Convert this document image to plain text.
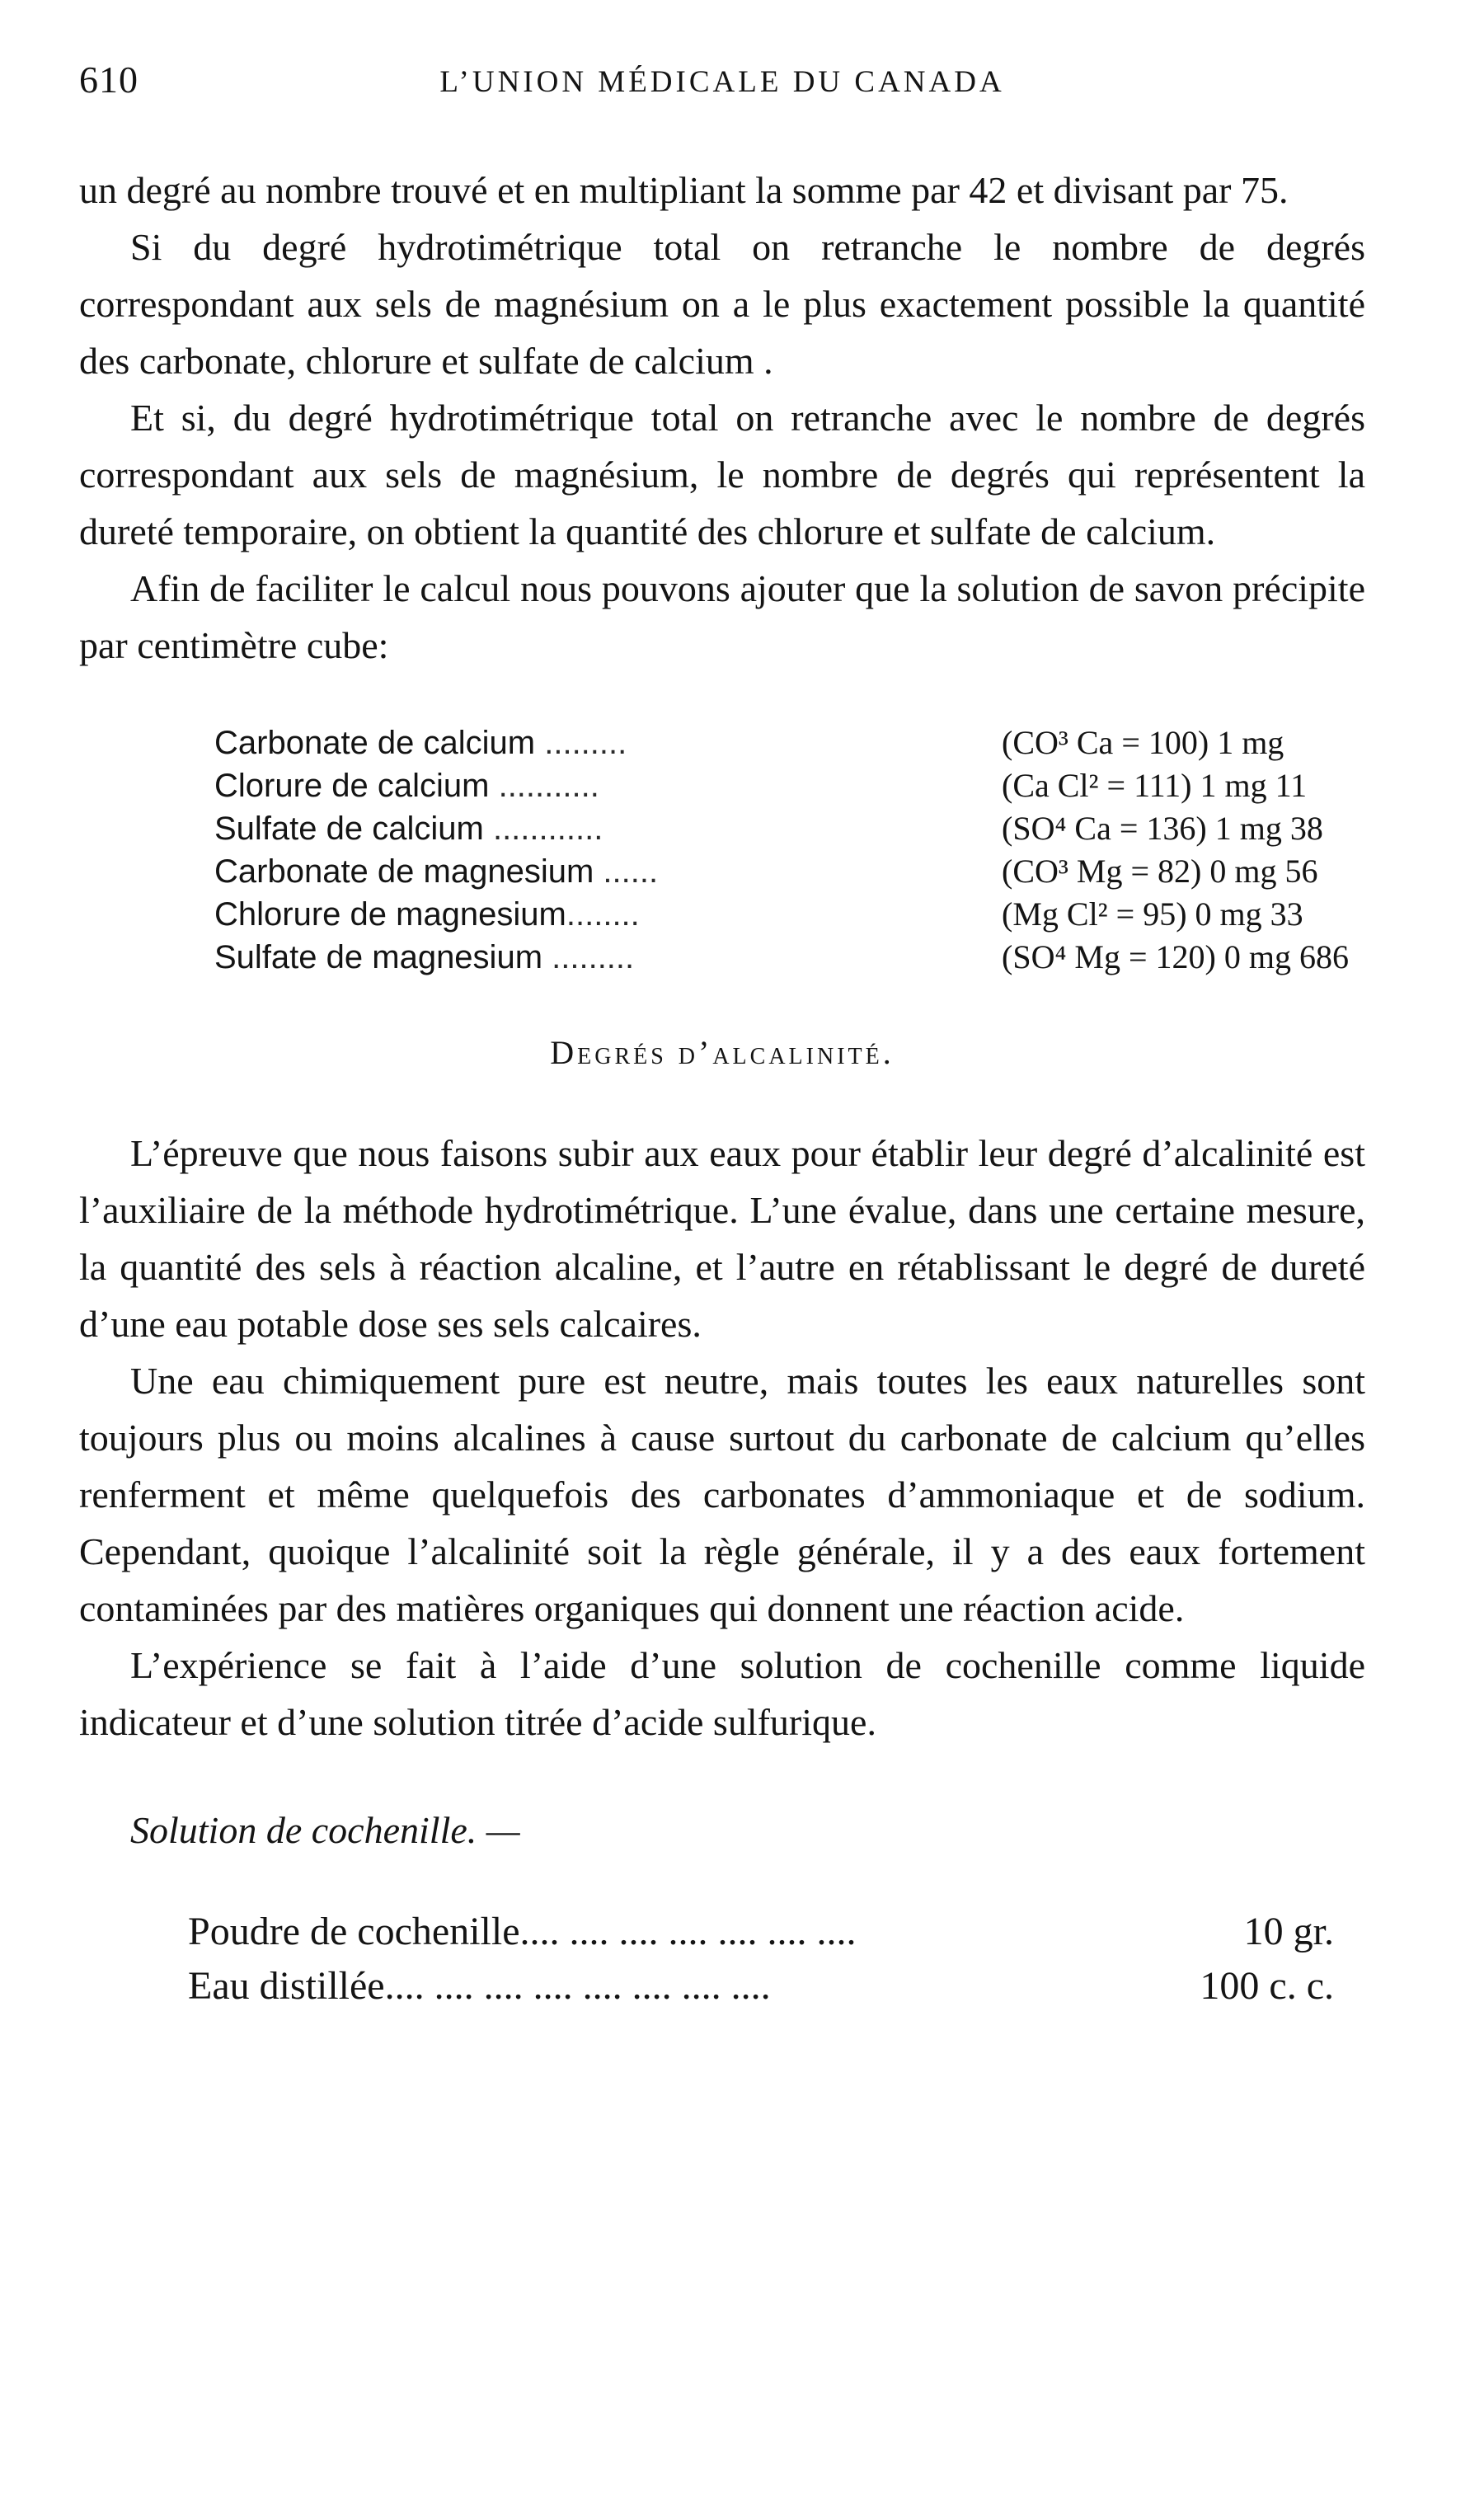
610	L’UNION MÉDICALE DU CANADA

un degré au nombre trouvé et en multipliant la somme par 42 et divisant par 75.

Si du degré hydrotimétrique total on retranche le nombre de degrés correspondant aux sels de magnésium on a le plus exactement possible la quantité des carbonate, chlorure et sulfate de calcium .

Et si, du degré hydrotimétrique total on retranche avec le nombre de degrés correspondant aux sels de magnésium, le nombre de degrés qui représentent la dureté temporaire, on obtient la quantité des chlorure et sulfate de calcium.

Afin de faciliter le calcul nous pouvons ajouter que la solution de savon précipite par centimètre cube:

Carbonate de calcium .........	(CO³ Ca = 100) 1 mg
Clorure de calcium ...........	(Ca Cl² = 111) 1 mg 11
Sulfate de calcium ............	(SO⁴ Ca = 136) 1 mg 38
Carbonate de magnesium ......	(CO³ Mg = 82) 0 mg 56
Chlorure de magnesium........	(Mg Cl² = 95) 0 mg 33
Sulfate de magnesium .........	(SO⁴ Mg = 120) 0 mg 686
Degrés d’alcalinité.

L’épreuve que nous faisons subir aux eaux pour établir leur degré d’alcalinité est l’auxiliaire de la méthode hydrotimétrique. L’une évalue, dans une certaine mesure, la quantité des sels à réaction alcaline, et l’autre en rétablissant le degré de dureté d’une eau potable dose ses sels calcaires.

Une eau chimiquement pure est neutre, mais toutes les eaux naturelles sont toujours plus ou moins alcalines à cause surtout du carbonate de calcium qu’elles renferment et même quelquefois des carbonates d’ammoniaque et de sodium. Cependant, quoique l’alcalinité soit la règle générale, il y a des eaux fortement contaminées par des matières organiques qui donnent une réaction acide.

L’expérience se fait à l’aide d’une solution de cochenille comme liquide indicateur et d’une solution titrée d’acide sulfurique.

Solution de cochenille. —
Poudre de cochenille.... .... .... .... .... .... ....	10 gr.
Eau distillée.... .... .... .... .... .... .... ....	100 c. c.
